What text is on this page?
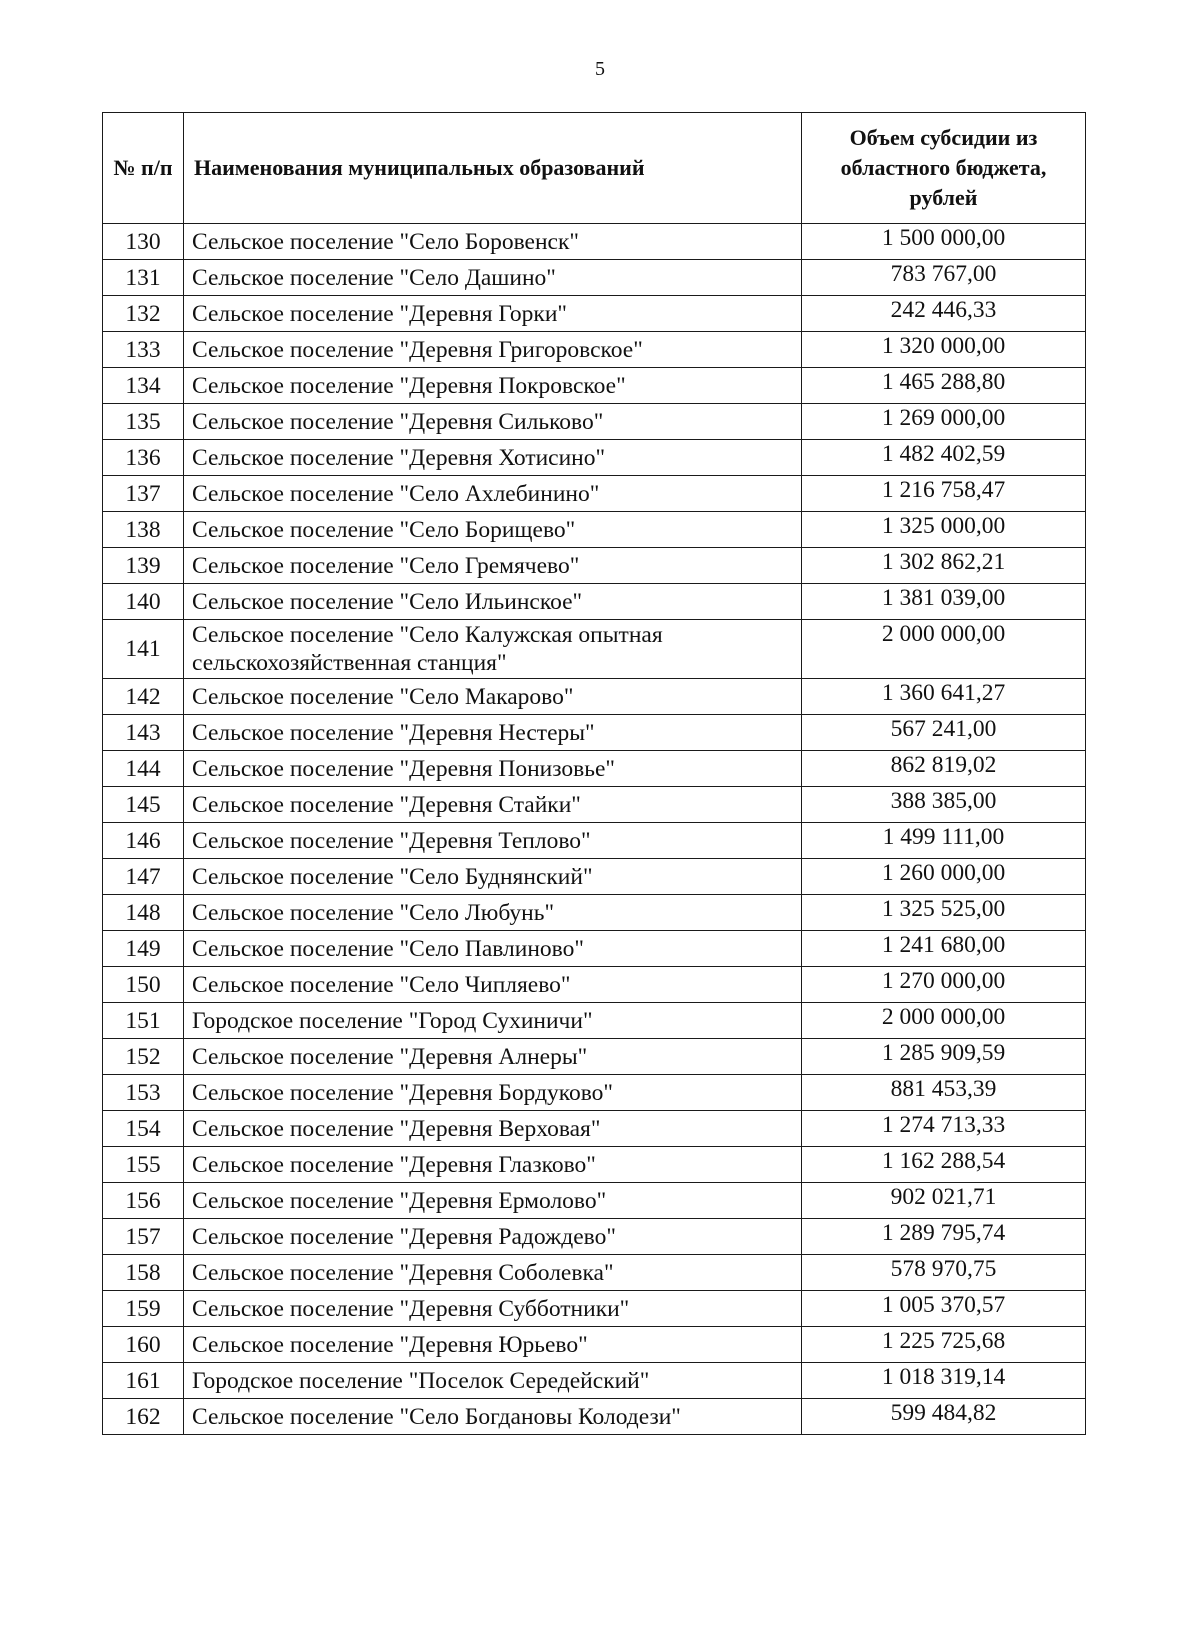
5
№ п/п	Наименования муниципальных образований	Объем субсидии из областного бюджета, рублей
130	Сельское поселение "Село Боровенск"	1 500 000,00
131	Сельское поселение "Село Дашино"	783 767,00
132	Сельское поселение "Деревня Горки"	242 446,33
133	Сельское поселение "Деревня Григоровское"	1 320 000,00
134	Сельское поселение "Деревня Покровское"	1 465 288,80
135	Сельское поселение "Деревня Сильково"	1 269 000,00
136	Сельское поселение "Деревня Хотисино"	1 482 402,59
137	Сельское поселение "Село Ахлебинино"	1 216 758,47
138	Сельское поселение "Село Борищево"	1 325 000,00
139	Сельское поселение "Село Гремячево"	1 302 862,21
140	Сельское поселение "Село Ильинское"	1 381 039,00
141	Сельское поселение "Село Калужская опытная сельскохозяйственная станция"	2 000 000,00
142	Сельское поселение "Село Макарово"	1 360 641,27
143	Сельское поселение "Деревня Нестеры"	567 241,00
144	Сельское поселение "Деревня Понизовье"	862 819,02
145	Сельское поселение "Деревня Стайки"	388 385,00
146	Сельское поселение "Деревня Теплово"	1 499 111,00
147	Сельское поселение "Село Буднянский"	1 260 000,00
148	Сельское поселение "Село Любунь"	1 325 525,00
149	Сельское поселение "Село Павлиново"	1 241 680,00
150	Сельское поселение "Село Чипляево"	1 270 000,00
151	Городское поселение "Город Сухиничи"	2 000 000,00
152	Сельское поселение "Деревня Алнеры"	1 285 909,59
153	Сельское поселение "Деревня Бордуково"	881 453,39
154	Сельское поселение "Деревня Верховая"	1 274 713,33
155	Сельское поселение "Деревня Глазково"	1 162 288,54
156	Сельское поселение "Деревня Ермолово"	902 021,71
157	Сельское поселение "Деревня Радождево"	1 289 795,74
158	Сельское поселение "Деревня Соболевка"	578 970,75
159	Сельское поселение "Деревня Субботники"	1 005 370,57
160	Сельское поселение "Деревня Юрьево"	1 225 725,68
161	Городское поселение "Поселок Середейский"	1 018 319,14
162	Сельское поселение "Село Богдановы Колодези"	599 484,82
